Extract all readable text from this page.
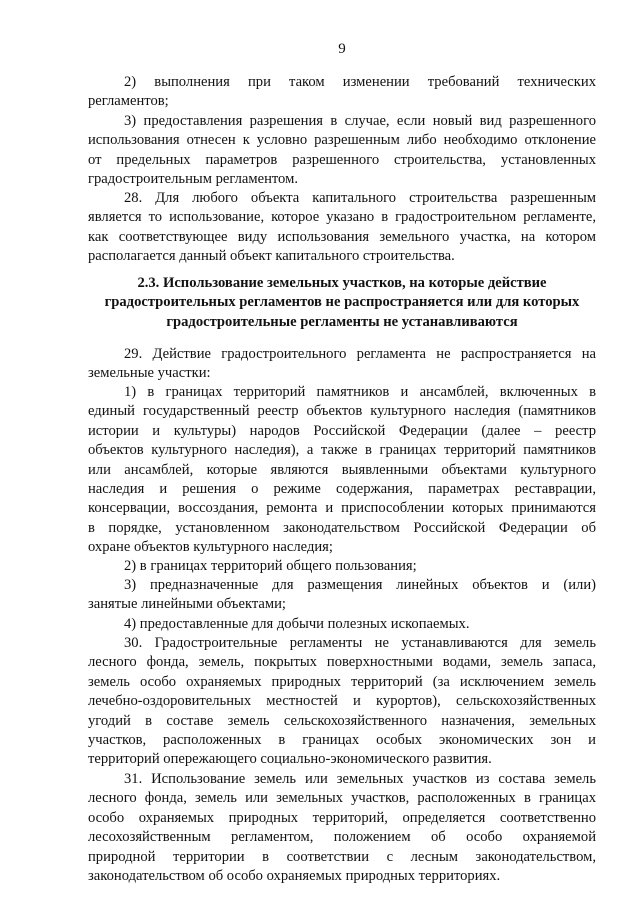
9

2) выполнения при таком изменении требований технических
регламентов;

3) предоставления разрешения в случае, если новый вид разрешенного
использования отнесен к условно разрешенным либо необходимо отклонение
от предельных параметров разрешенного строительства, установленных
градостроительным регламентом.

28. Для любого объекта капитального строительства разрешенным
является то использование, которое указано в градостроительном регламенте,
как соответствующее виду использования земельного участка, на котором
располагается данный объект капитального строительства.

2.3. Использование земельных участков, на которые действие
градостроительных регламентов не распространяется или для которых
градостроительные регламенты не устанавливаются

29. Действие градостроительного регламента не распространяется на
земельные участки:

1) в границах территорий памятников и ансамблей, включенных в
единый государственный реестр объектов культурного наследия (памятников
истории и культуры) народов Российской Федерации (далее – реестр
объектов культурного наследия), а также в границах территорий памятников
или ансамблей, которые являются выявленными объектами культурного
наследия и решения о режиме содержания, параметрах реставрации,
консервации, воссоздания, ремонта и приспособлении которых принимаются
в порядке, установленном законодательством Российской Федерации об
охране объектов культурного наследия;

2) в границах территорий общего пользования;

3) предназначенные для размещения линейных объектов и (или)
занятые линейными объектами;

4) предоставленные для добычи полезных ископаемых.

30. Градостроительные регламенты не устанавливаются для земель
лесного фонда, земель, покрытых поверхностными водами, земель запаса,
земель особо охраняемых природных территорий (за исключением земель
лечебно-оздоровительных местностей и курортов), сельскохозяйственных
угодий в составе земель сельскохозяйственного назначения, земельных
участков, расположенных в границах особых экономических зон и
территорий опережающего социально-экономического развития.

31. Использование земель или земельных участков из состава земель
лесного фонда, земель или земельных участков, расположенных в границах
особо охраняемых природных территорий, определяется соответственно
лесохозяйственным регламентом, положением об особо охраняемой
природной территории в соответствии с лесным законодательством,
законодательством об особо охраняемых природных территориях.
